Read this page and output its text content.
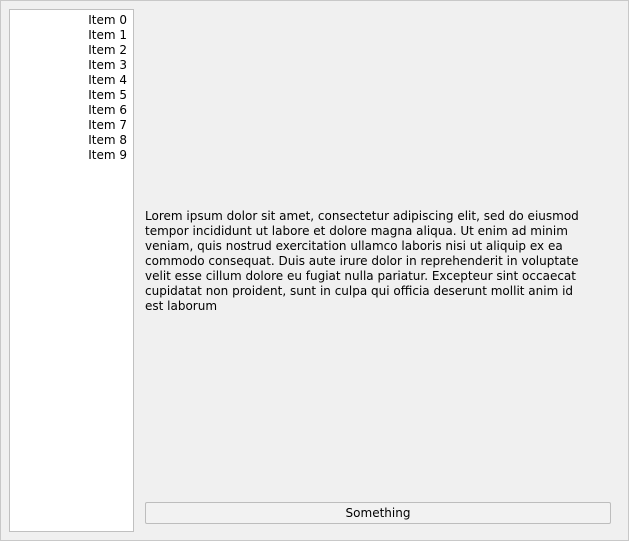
Item 0
Item 1
Item 2
Item 3
Item 4
Item 5
Item 6
Item 7
Item 8
Item 9
Lorem ipsum dolor sit amet, consectetur adipiscing elit, sed do eiusmod tempor incididunt ut labore et dolore magna aliqua. Ut enim ad minim veniam, quis nostrud exercitation ullamco laboris nisi ut aliquip ex ea commodo consequat. Duis aute irure dolor in reprehenderit in voluptate velit esse cillum dolore eu fugiat nulla pariatur. Excepteur sint occaecat cupidatat non proident, sunt in culpa qui officia deserunt mollit anim id est laborum
Something
